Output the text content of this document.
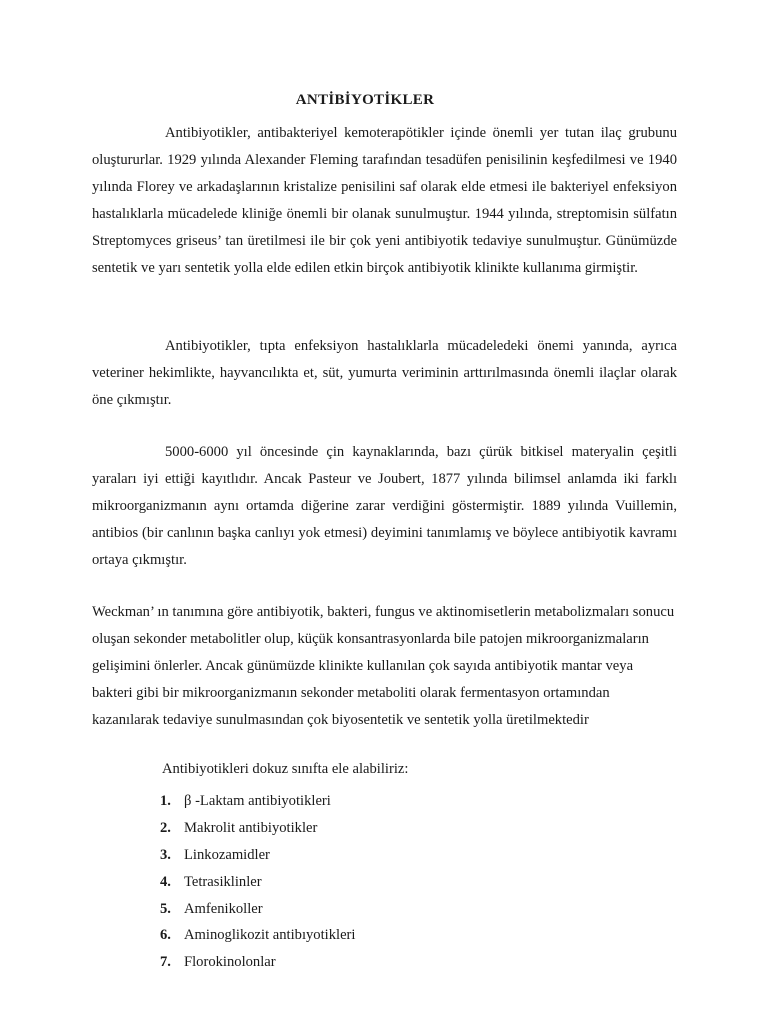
ANTİBİYOTİKLER

Antibiyotikler, antibakteriyel kemoterapötikler içinde önemli yer tutan ilaç grubunu oluştururlar. 1929 yılında Alexander Fleming tarafından tesadüfen penisilinin keşfedilmesi ve 1940 yılında Florey ve arkadaşlarının kristalize penisilini saf olarak elde etmesi ile bakteriyel enfeksiyon hastalıklarla mücadelede kliniğe önemli bir olanak sunulmuştur. 1944 yılında, streptomisin sülfatın Streptomyces griseus’ tan üretilmesi ile bir çok yeni antibiyotik tedaviye sunulmuştur. Günümüzde sentetik ve yarı sentetik yolla elde edilen etkin birçok antibiyotik klinikte kullanıma girmiştir.

Antibiyotikler, tıpta enfeksiyon hastalıklarla mücadeledeki önemi yanında, ayrıca veteriner hekimlikte, hayvancılıkta et, süt, yumurta veriminin arttırılmasında önemli ilaçlar olarak öne çıkmıştır.

5000-6000 yıl öncesinde çin kaynaklarında, bazı çürük bitkisel materyalin çeşitli yaraları iyi ettiği kayıtlıdır. Ancak Pasteur ve Joubert, 1877 yılında bilimsel anlamda iki farklı mikroorganizmanın aynı ortamda diğerine zarar verdiğini göstermiştir. 1889 yılında Vuillemin, antibios (bir canlının başka canlıyı yok etmesi) deyimini tanımlamış ve böylece antibiyotik kavramı ortaya çıkmıştır.

Weckman’ ın tanımına göre antibiyotik, bakteri, fungus ve aktinomisetlerin metabolizmaları sonucu oluşan sekonder metabolitler olup, küçük konsantrasyonlarda bile patojen mikroorganizmaların gelişimini önlerler. Ancak günümüzde klinikte kullanılan çok sayıda antibiyotik mantar veya bakteri gibi bir mikroorganizmanın sekonder metaboliti olarak fermentasyon ortamından kazanılarak tedaviye sunulmasından çok biyosentetik ve sentetik yolla üretilmektedir

Antibiyotikleri dokuz sınıfta ele alabiliriz:
1. β -Laktam antibiyotikleri
2. Makrolit antibiyotikler
3. Linkozamidler
4. Tetrasiklinler
5. Amfenikoller
6. Aminoglikozit antibıyotikleri
7. Florokinolonlar
